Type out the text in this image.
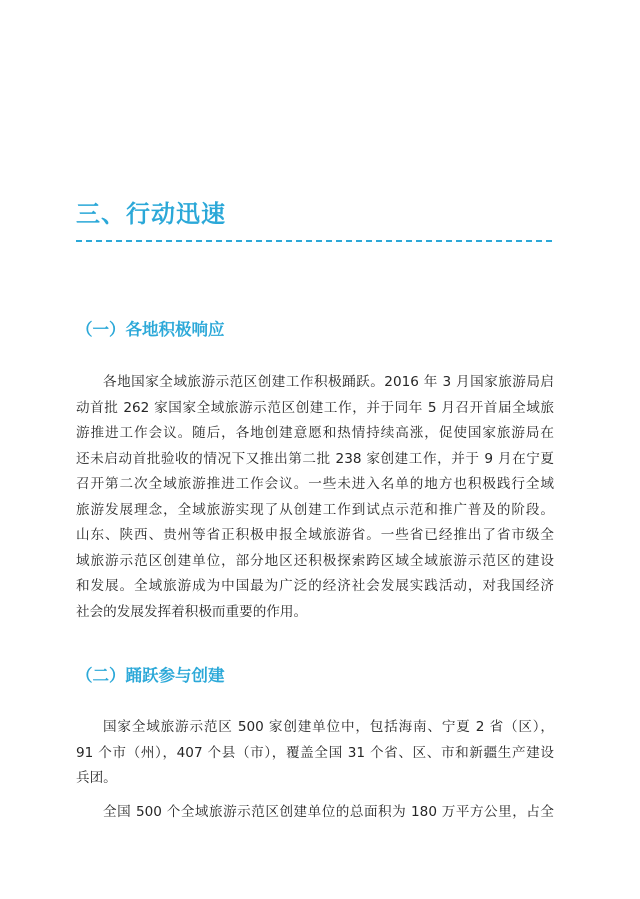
三、行动迅速
（一）各地积极响应

各地国家全域旅游示范区创建工作积极踊跃。2016 年 3 月国家旅游局启
动首批 262 家国家全域旅游示范区创建工作，并于同年 5 月召开首届全域旅
游推进工作会议。随后，各地创建意愿和热情持续高涨，促使国家旅游局在
还未启动首批验收的情况下又推出第二批 238 家创建工作，并于 9 月在宁夏
召开第二次全域旅游推进工作会议。一些未进入名单的地方也积极践行全域
旅游发展理念，全域旅游实现了从创建工作到试点示范和推广普及的阶段。
山东、陕西、贵州等省正积极申报全域旅游省。一些省已经推出了省市级全
域旅游示范区创建单位，部分地区还积极探索跨区域全域旅游示范区的建设
和发展。全域旅游成为中国最为广泛的经济社会发展实践活动，对我国经济
社会的发展发挥着积极而重要的作用。

（二）踊跃参与创建

国家全域旅游示范区 500 家创建单位中，包括海南、宁夏 2 省（区），
91 个市（州），407 个县（市），覆盖全国 31 个省、区、市和新疆生产建设
兵团。

全国 500 个全域旅游示范区创建单位的总面积为 180 万平方公里，占全
